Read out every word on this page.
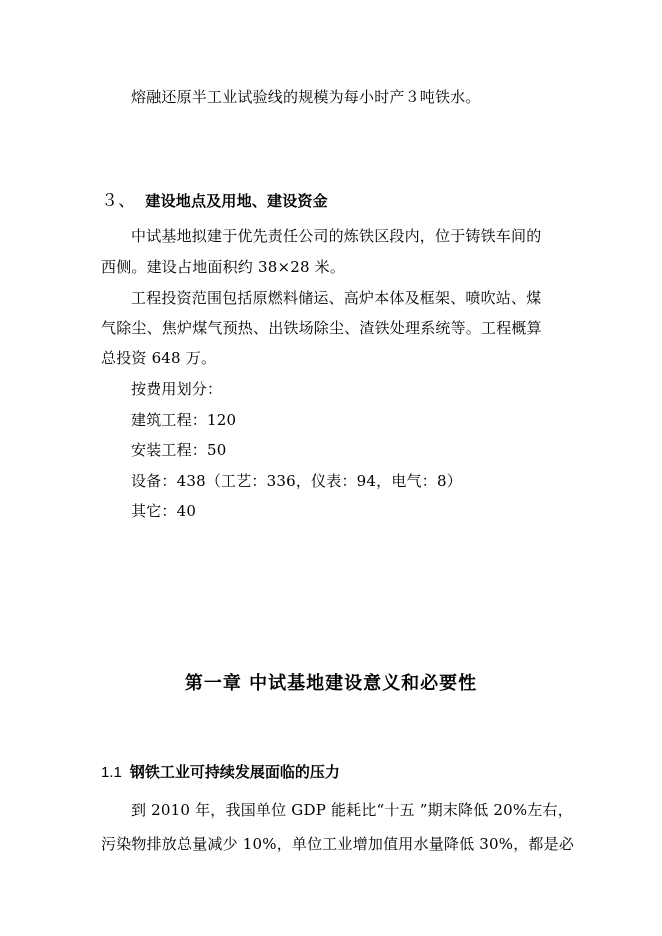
熔融还原半工业试验线的规模为每小时产３吨铁水。
３、 建设地点及用地、建设资金
中试基地拟建于优先责任公司的炼铁区段内，位于铸铁车间的
西侧。建设占地面积约 38×28 米。
工程投资范围包括原燃料储运、高炉本体及框架、喷吹站、煤
气除尘、焦炉煤气预热、出铁场除尘、渣铁处理系统等。工程概算
总投资 648 万。
按费用划分：
建筑工程：120
安装工程：50
设备：438（工艺：336，仪表：94，电气：8）
其它：40
第一章 中试基地建设意义和必要性
1.1 钢铁工业可持续发展面临的压力
到 2010 年，我国单位 GDP 能耗比“十五 ”期末降低 20%左右，
污染物排放总量减少 10%，单位工业增加值用水量降低 30%，都是必
